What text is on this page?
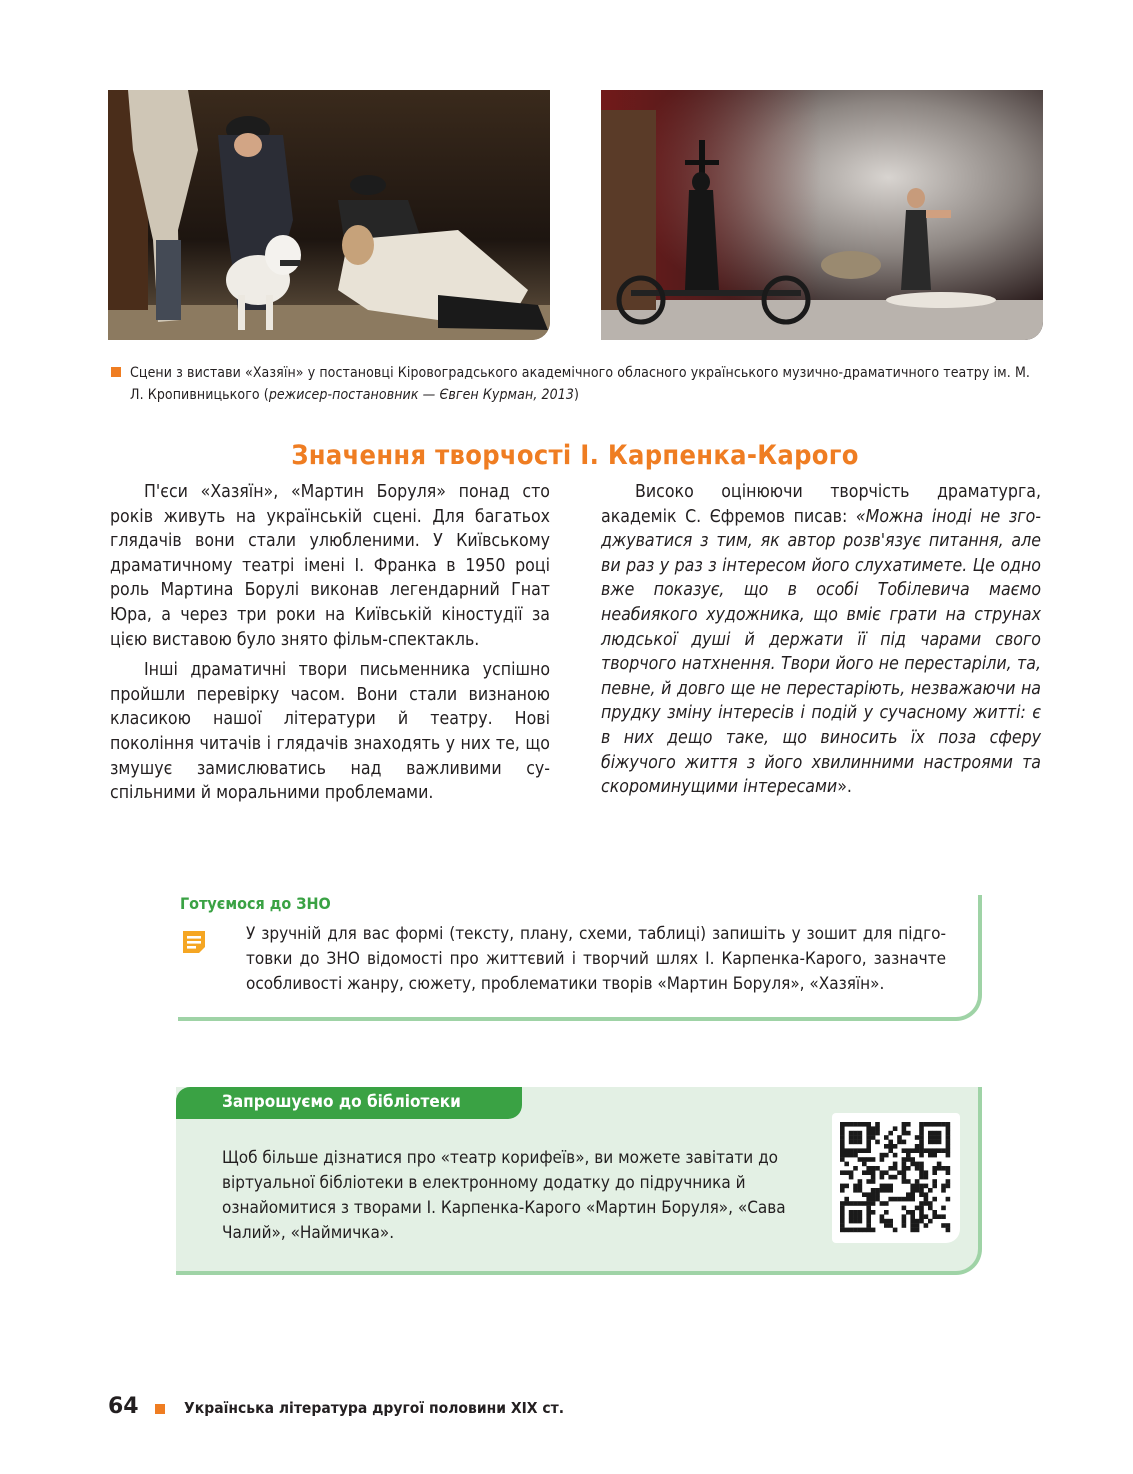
Сцени з вистави «Хазяїн» у постановці Кіровоградського академічного обласного українського музично-драматичного театру ім. М. Л. Кропивницького (режисер-постановник — Євген Курман, 2013)
Значення творчості І. Карпенка-Карого

П'єси «Хазяїн», «Мартин Боруля» понад сто років живуть на українській сцені. Для багатьох глядачів вони стали улюбленими. У Київському драматичному театрі імені І. Франка в 1950 році роль Мартина Борулі виконав легендарний Гнат Юра, а через три роки на Київській кіностудії за цією виставою було знято фільм-спектакль.

Інші драматичні твори письменника успішно пройшли перевірку часом. Вони стали визнаною класикою нашої літератури й театру. Нові покоління читачів і глядачів знаходять у них те, що змушує замислюватись над важливими суспільними й моральними проблемами.

Високо оцінюючи творчість драматурга, академік С. Єфремов писав: «Можна іноді не згоджуватися з тим, як автор розв'язує питання, але ви раз у раз з інтересом його слухатимете. Це одно вже показує, що в особі Тобілевича маємо неабиякого художника, що вміє грати на струнах людської душі й держати її під чарами свого творчого натхнення. Твори його не перестаріли, та, певне, й довго ще не перестаріють, незважаючи на прудку зміну інтересів і подій у сучасному житті: є в них дещо таке, що виносить їх поза сферу біжучого життя з його хвилинними настроями та скороминущими інтересами».

Готуємося до ЗНО
У зручній для вас формі (тексту, плану, схеми, таблиці) запишіть у зошит для підготовки до ЗНО відомості про життєвий і творчий шлях І. Карпенка-Карого, зазначте особливості жанру, сюжету, проблематики творів «Мартин Боруля», «Хазяїн».
Запрошуємо до бібліотеки
Щоб більше дізнатися про «театр корифеїв», ви можете завітати до віртуальної бібліотеки в електронному додатку до підручника й ознайомитися з творами І. Карпенка-Карого «Мартин Боруля», «Сава Чалий», «Наймичка».
64	Українська література другої половини XIX ст.
